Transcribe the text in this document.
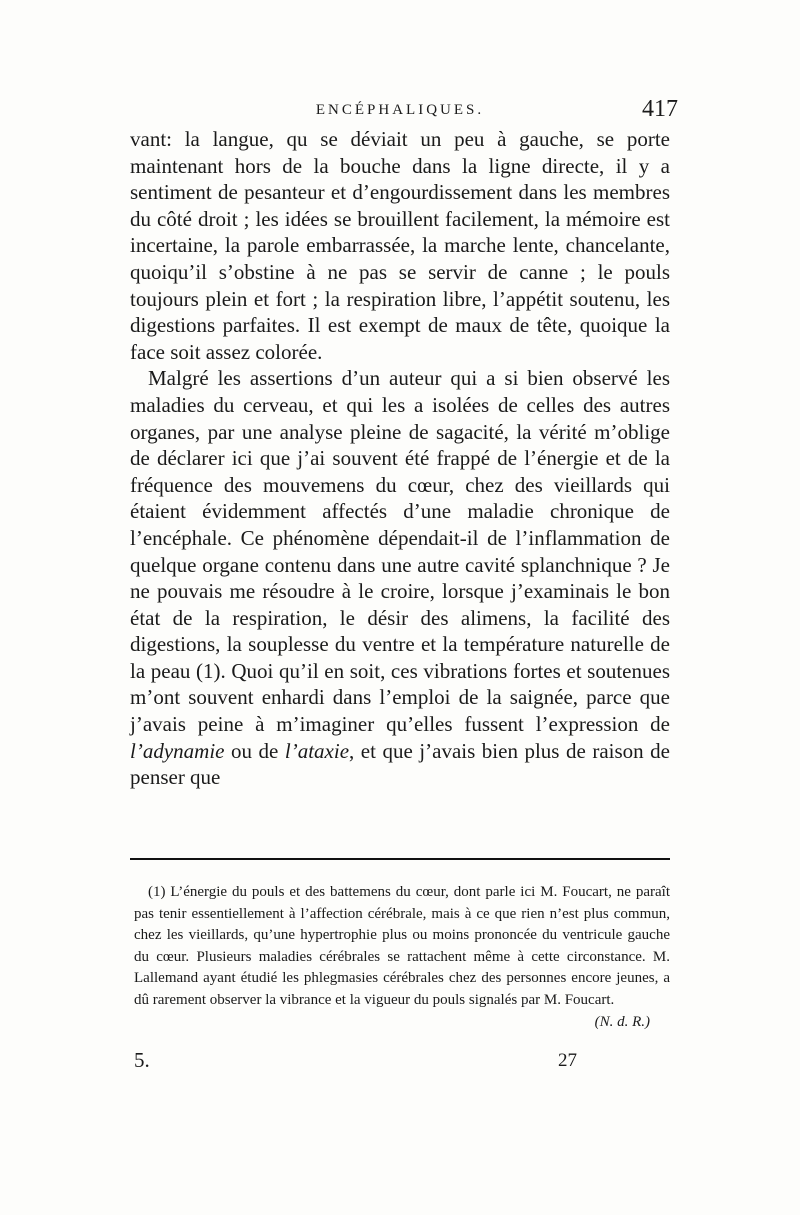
ENCÉPHALIQUES.	417

vant: la langue, qu se déviait un peu à gauche, se porte maintenant hors de la bouche dans la ligne directe, il y a sentiment de pesanteur et d’engourdissement dans les membres du côté droit ; les idées se brouillent facilement, la mémoire est incertaine, la parole embarrassée, la marche lente, chancelante, quoiqu’il s’obstine à ne pas se servir de canne ; le pouls toujours plein et fort ; la respiration libre, l’appétit soutenu, les digestions parfaites. Il est exempt de maux de tête, quoique la face soit assez colorée.

Malgré les assertions d’un auteur qui a si bien observé les maladies du cerveau, et qui les a isolées de celles des autres organes, par une analyse pleine de sagacité, la vérité m’oblige de déclarer ici que j’ai souvent été frappé de l’énergie et de la fréquence des mouvemens du cœur, chez des vieillards qui étaient évidemment affectés d’une maladie chronique de l’encéphale. Ce phénomène dépendait-il de l’inflammation de quelque organe contenu dans une autre cavité splanchnique ? Je ne pouvais me résoudre à le croire, lorsque j’examinais le bon état de la respiration, le désir des alimens, la facilité des digestions, la souplesse du ventre et la température naturelle de la peau (1). Quoi qu’il en soit, ces vibrations fortes et soutenues m’ont souvent enhardi dans l’emploi de la saignée, parce que j’avais peine à m’imaginer qu’elles fussent l’expression de l’adynamie ou de l’ataxie, et que j’avais bien plus de raison de penser que

(1) L’énergie du pouls et des battemens du cœur, dont parle ici M. Foucart, ne paraît pas tenir essentiellement à l’affection cérébrale, mais à ce que rien n’est plus commun, chez les vieillards, qu’une hypertrophie plus ou moins prononcée du ventricule gauche du cœur. Plusieurs maladies cérébrales se rattachent même à cette circonstance. M. Lallemand ayant étudié les phlegmasies cérébrales chez des personnes encore jeunes, a dû rarement observer la vibrance et la vigueur du pouls signalés par M. Foucart.
(N. d. R.)

5.	27
